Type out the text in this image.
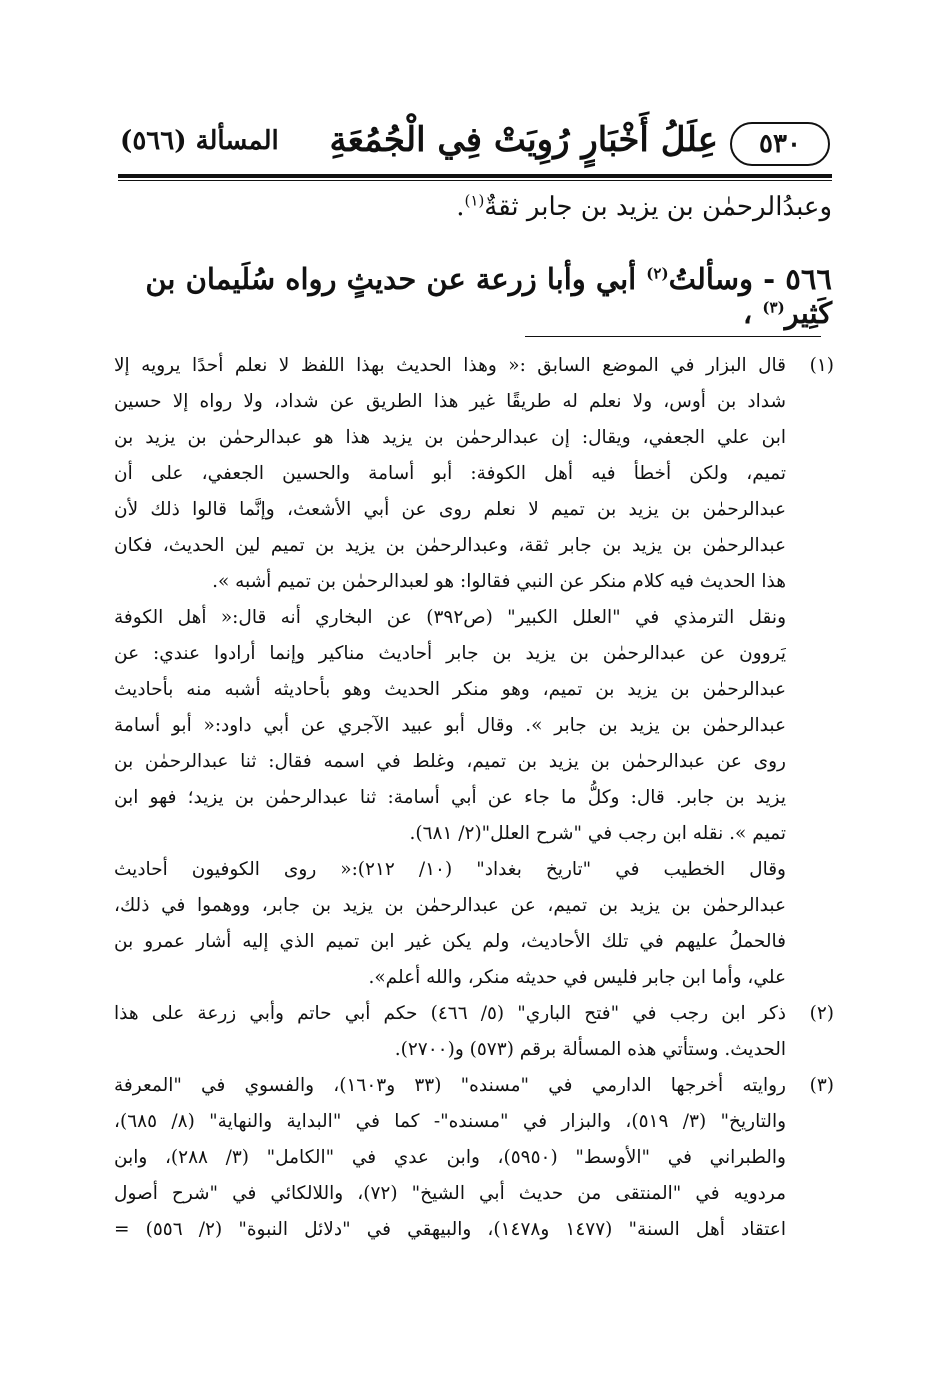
٥٣٠
عِلَلُ أَخْبَارٍ رُوِيَتْ فِي الْجُمُعَةِ
المسألة (٥٦٦)
وعبدُالرحمٰن بن يزيد بن جابر ثقةٌ$^{(١)}$.
٥٦٦ - وسألتُ$^{(٢)}$ أبي وأبا زرعة عن حديثٍ رواه سُلَيمان بن كَثِير$^{(٣)}$ ،
(١)
قال البزار في الموضع السابق :« وهذا الحديث بهذا اللفظ لا نعلم أحدًا يرويه إلا
شداد بن أوس، ولا نعلم له طريقًا غير هذا الطريق عن شداد، ولا رواه إلا حسين
ابن علي الجعفي، ويقال: إن عبدالرحمٰن بن يزيد هذا هو عبدالرحمٰن بن يزيد بن
تميم، ولكن أخطأ فيه أهل الكوفة: أبو أسامة والحسين الجعفي، على أن
عبدالرحمٰن بن يزيد بن تميم لا نعلم روى عن أبي الأشعث، وإنَّما قالوا ذلك لأن
عبدالرحمٰن بن يزيد بن جابر ثقة، وعبدالرحمٰن بن يزيد بن تميم لين الحديث، فكان
هذا الحديث فيه كلام منكر عن النبي فقالوا: هو لعبدالرحمٰن بن تميم أشبه ».
ونقل الترمذي في "العلل الكبير" (ص٣٩٢) عن البخاري أنه قال:« أهل الكوفة
يَروون عن عبدالرحمٰن بن يزيد بن جابر أحاديث مناكير وإنما أرادوا عندي: عن
عبدالرحمٰن بن يزيد بن تميم، وهو منكر الحديث وهو بأحاديثه أشبه منه بأحاديث
عبدالرحمٰن بن يزيد بن جابر ». وقال أبو عبيد الآجري عن أبي داود:« أبو أسامة
روى عن عبدالرحمٰن بن يزيد بن تميم، وغلط في اسمه فقال: ثنا عبدالرحمٰن بن
يزيد بن جابر. قال: وكلُّ ما جاء عن أبي أسامة: ثنا عبدالرحمٰن بن يزيد؛ فهو ابن
تميم ». نقله ابن رجب في "شرح العلل"(٢/ ٦٨١).
وقال الخطيب في "تاريخ بغداد" (١٠/ ٢١٢):« روى الكوفيون أحاديث
عبدالرحمٰن بن يزيد بن تميم، عن عبدالرحمٰن بن يزيد بن جابر، ووهموا في ذلك،
فالحملُ عليهم في تلك الأحاديث، ولم يكن غير ابن تميم الذي إليه أشار عمرو بن
علي، وأما ابن جابر فليس في حديثه منكر، والله أعلم».
(٢)
ذكر ابن رجب في "فتح الباري" (٥/ ٤٦٦) حكم أبي حاتم وأبي زرعة على هذا
الحديث. وستأتي هذه المسألة برقم (٥٧٣) و(٢٧٠٠).
(٣)
روايته أخرجها الدارمي في "مسنده" (٣٣ و١٦٠٣)، والفسوي في "المعرفة
والتاريخ" (٣/ ٥١٩)، والبزار في "مسنده"- كما في "البداية والنهاية" (٨/ ٦٨٥)،
والطبراني في "الأوسط" (٥٩٥٠)، وابن عدي في "الكامل" (٣/ ٢٨٨)، وابن
مردويه في "المنتقى من حديث أبي الشيخ" (٧٢)، واللالكائي في "شرح أصول
اعتقاد أهل السنة" (١٤٧٧ و١٤٧٨)، والبيهقي في "دلائل النبوة" (٢/ ٥٥٦) =
